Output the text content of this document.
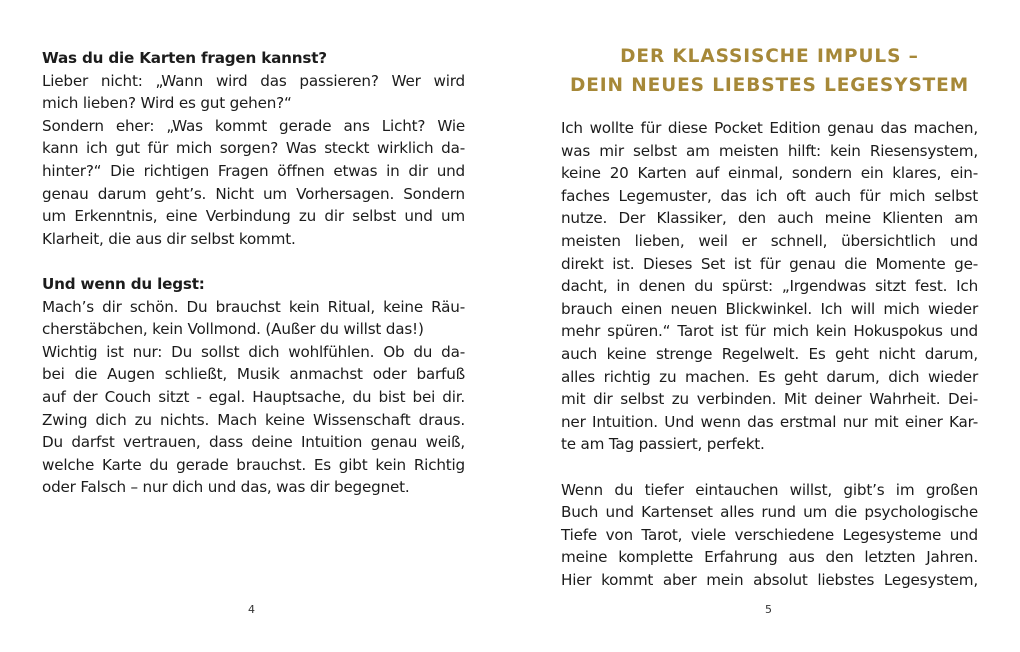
Was du die Karten fragen kannst?
Lieber nicht: „Wann wird das passieren? Wer wird
mich lieben? Wird es gut gehen?“
Sondern eher: „Was kommt gerade ans Licht? Wie
kann ich gut für mich sorgen? Was steckt wirklich da-
hinter?“ Die richtigen Fragen öffnen etwas in dir und
genau darum geht’s. Nicht um Vorhersagen. Sondern
um Erkenntnis, eine Verbindung zu dir selbst und um
Klarheit, die aus dir selbst kommt.
Und wenn du legst:
Mach’s dir schön. Du brauchst kein Ritual, keine Räu-
cherstäbchen, kein Vollmond. (Außer du willst das!)
Wichtig ist nur: Du sollst dich wohlfühlen. Ob du da-
bei die Augen schließt, Musik anmachst oder barfuß
auf der Couch sitzt - egal. Hauptsache, du bist bei dir.
Zwing dich zu nichts. Mach keine Wissenschaft draus.
Du darfst vertrauen, dass deine Intuition genau weiß,
welche Karte du gerade brauchst. Es gibt kein Richtig
oder Falsch – nur dich und das, was dir begegnet.
DER KLASSISCHE IMPULS –
DEIN NEUES LIEBSTES LEGESYSTEM
Ich wollte für diese Pocket Edition genau das machen,
was mir selbst am meisten hilft: kein Riesensystem,
keine 20 Karten auf einmal, sondern ein klares, ein-
faches Legemuster, das ich oft auch für mich selbst
nutze. Der Klassiker, den auch meine Klienten am
meisten lieben, weil er schnell, übersichtlich und
direkt ist. Dieses Set ist für genau die Momente ge-
dacht, in denen du spürst: „Irgendwas sitzt fest. Ich
brauch einen neuen Blickwinkel. Ich will mich wieder
mehr spüren.“ Tarot ist für mich kein Hokuspokus und
auch keine strenge Regelwelt. Es geht nicht darum,
alles richtig zu machen. Es geht darum, dich wieder
mit dir selbst zu verbinden. Mit deiner Wahrheit. Dei-
ner Intuition. Und wenn das erstmal nur mit einer Kar-
te am Tag passiert, perfekt.
Wenn du tiefer eintauchen willst, gibt’s im großen
Buch und Kartenset alles rund um die psychologische
Tiefe von Tarot, viele verschiedene Legesysteme und
meine komplette Erfahrung aus den letzten Jahren.
Hier kommt aber mein absolut liebstes Legesystem,
4	5
